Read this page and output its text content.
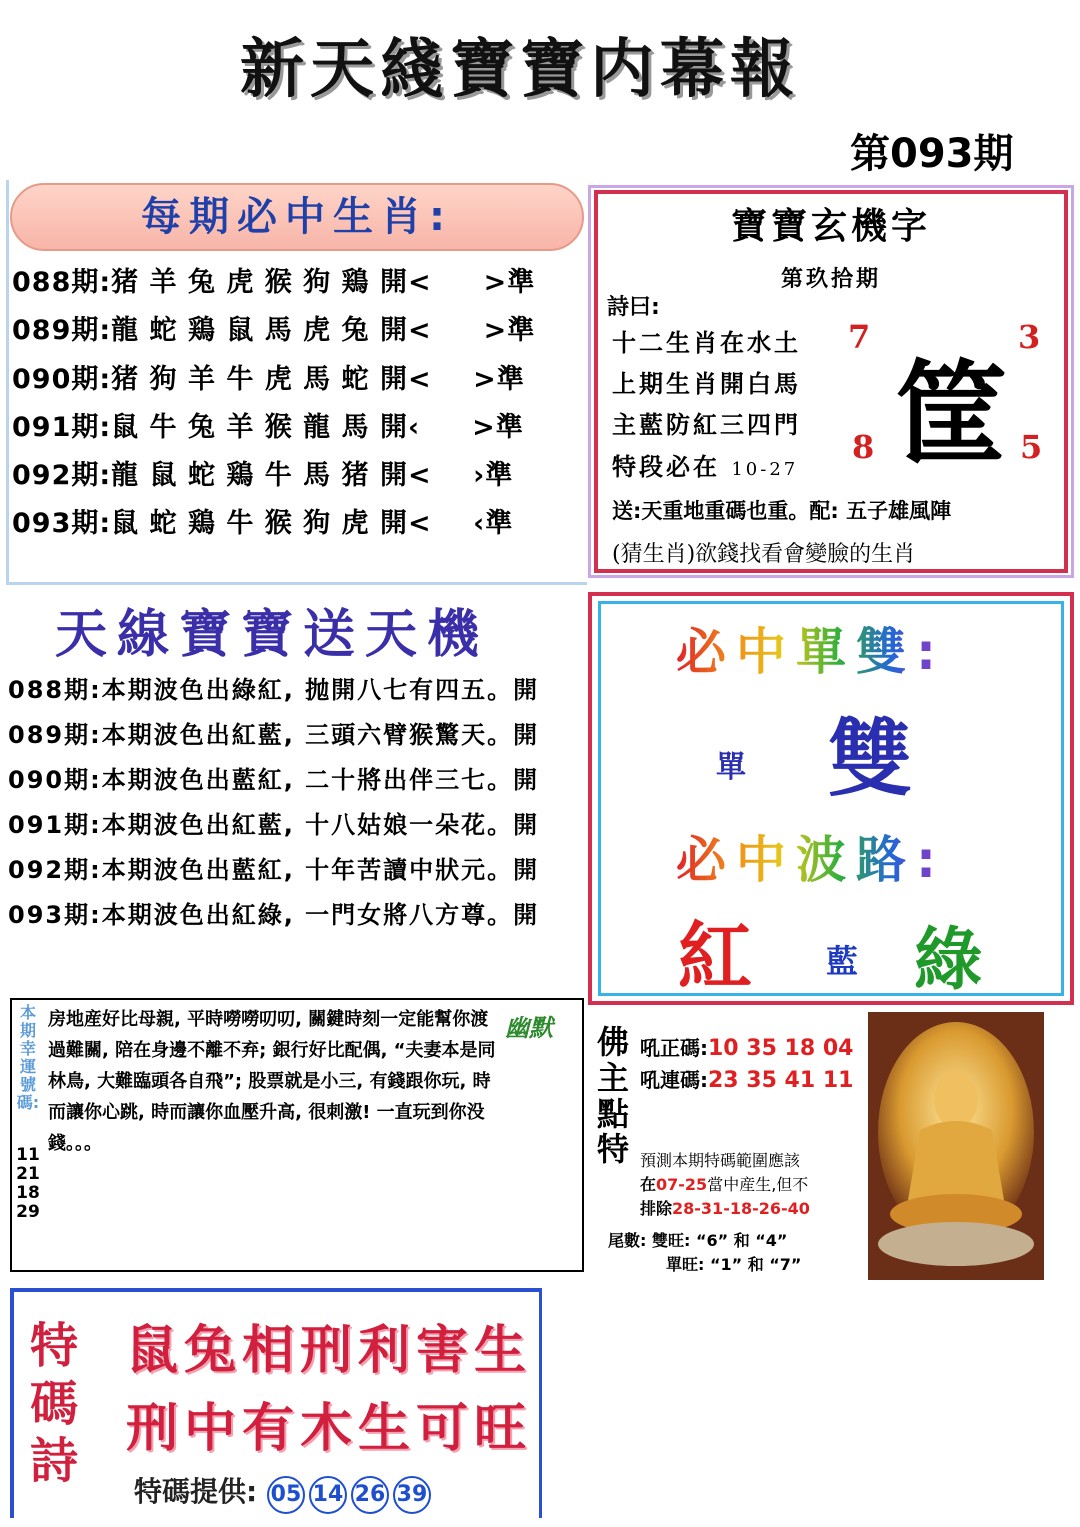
新天綫寶寶内幕報
第093期
每期必中生肖:
088期:猪 羊 兔 虎 猴 狗 鶏 開<     >準
089期:龍 蛇 鶏 鼠 馬 虎 兔 開<     >準
090期:猪 狗 羊 牛 虎 馬 蛇 開<    >準
091期:鼠 牛 兔 羊 猴 龍 馬 開‹     >準
092期:龍 鼠 蛇 鶏 牛 馬 猪 開<    ›準
093期:鼠 蛇 鶏 牛 猴 狗 虎 開<    ‹準
寶寶玄機字
第玖拾期
詩曰:
十二生肖在水土
上期生肖開白馬
主藍防紅三四門
特段必在 10-27
7	3
8	5
筐
送:天重地重碼也重。配: 五子雄風陣
(猜生肖)欲錢找看會變臉的生肖
天線寶寶送天機
088期:本期波色出綠紅, 抛開八七有四五。開
089期:本期波色出紅藍, 三頭六臂猴驚天。開
090期:本期波色出藍紅, 二十將出伴三七。開
091期:本期波色出紅藍, 十八姑娘一朵花。開
092期:本期波色出藍紅, 十年苦讀中狀元。開
093期:本期波色出紅綠, 一門女將八方尊。開
必中單雙:
單 雙
必中波路:
紅 藍 綠
本期幸運號碼:
11 21 18 29
房地産好比母親, 平時嘮嘮叨叨, 關鍵時刻一定能幫你渡過難關, 陪在身邊不離不弃; 銀行好比配偶, “夫妻本是同林鳥, 大難臨頭各自飛”; 股票就是小三, 有錢跟你玩, 時而讓你心跳, 時而讓你血壓升高, 很刺激! 一直玩到你没錢。。。
幽默 佛主點特
吼正碼:10 35 18 04
吼連碼:23 35 41 11
預測本期特碼範圍應該
在07-25當中産生,但不
排除28-31-18-26-40
尾數: 雙旺: “6” 和 “4”
單旺: “1” 和 “7”
特碼詩
鼠兔相刑利害生
刑中有木生可旺
特碼提供: 05 14 26 39
